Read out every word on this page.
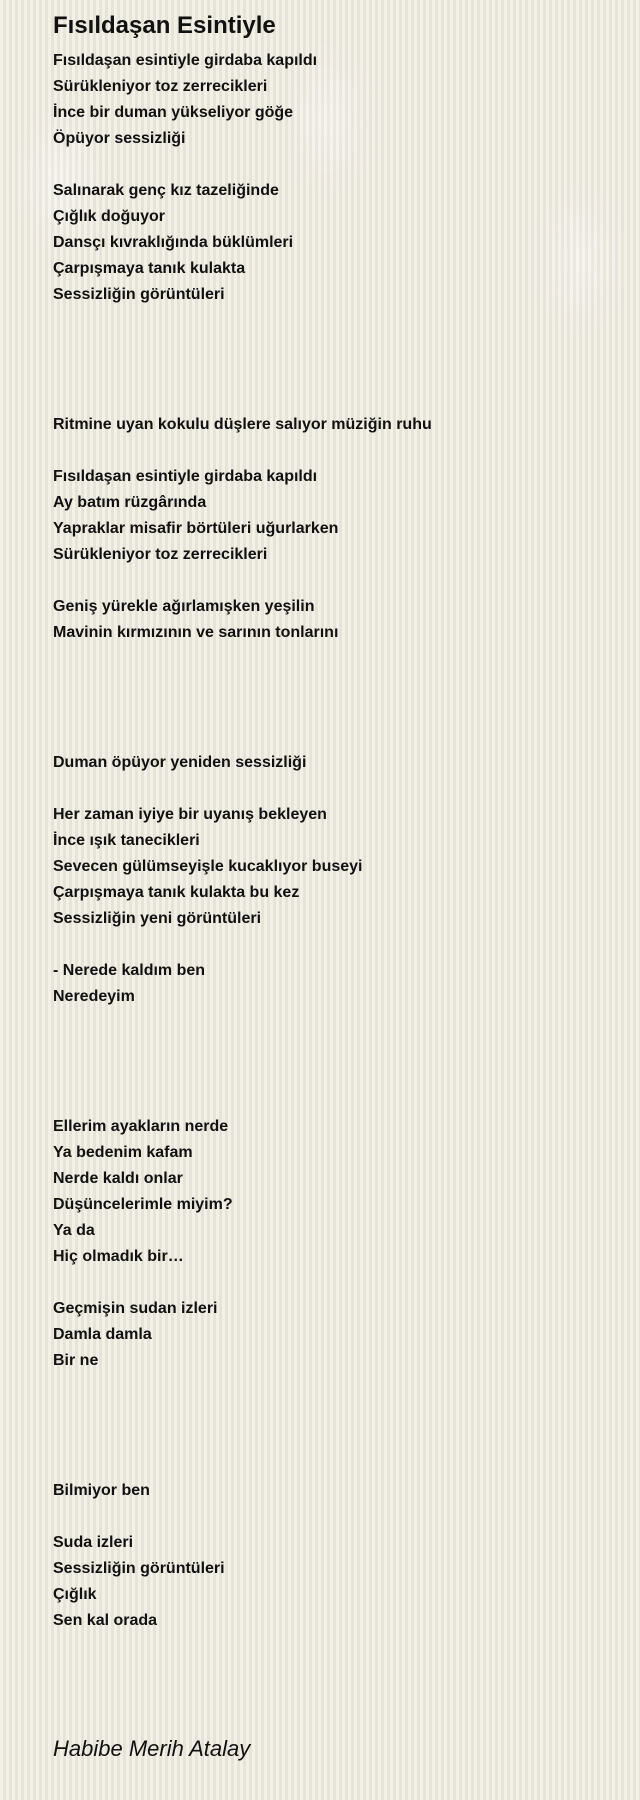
Fısıldaşan Esintiyle
Fısıldaşan esintiyle girdaba kapıldı
Sürükleniyor toz zerrecikleri
İnce bir duman yükseliyor göğe
Öpüyor sessizliği
Salınarak genç kız tazeliğinde
Çığlık doğuyor
Dansçı kıvraklığında büklümleri
Çarpışmaya tanık kulakta
Sessizliğin görüntüleri
Ritmine uyan kokulu düşlere salıyor müziğin ruhu
Fısıldaşan esintiyle girdaba kapıldı
Ay batım rüzgârında
Yapraklar misafir börtüleri uğurlarken
Sürükleniyor toz zerrecikleri
Geniş yürekle ağırlamışken yeşilin
Mavinin kırmızının ve sarının tonlarını
Duman öpüyor yeniden sessizliği
Her zaman iyiye bir uyanış bekleyen
İnce ışık tanecikleri
Sevecen gülümseyişle kucaklıyor buseyi
Çarpışmaya tanık kulakta bu kez
Sessizliğin yeni görüntüleri
- Nerede kaldım ben
Neredeyim
Ellerim ayakların nerde
Ya bedenim kafam
Nerde kaldı onlar
Düşüncelerimle miyim?
Ya da
Hiç olmadık bir…
Geçmişin sudan izleri
Damla damla
Bir ne
Bilmiyor ben
Suda izleri
Sessizliğin görüntüleri
Çığlık
Sen kal orada
Habibe Merih Atalay
